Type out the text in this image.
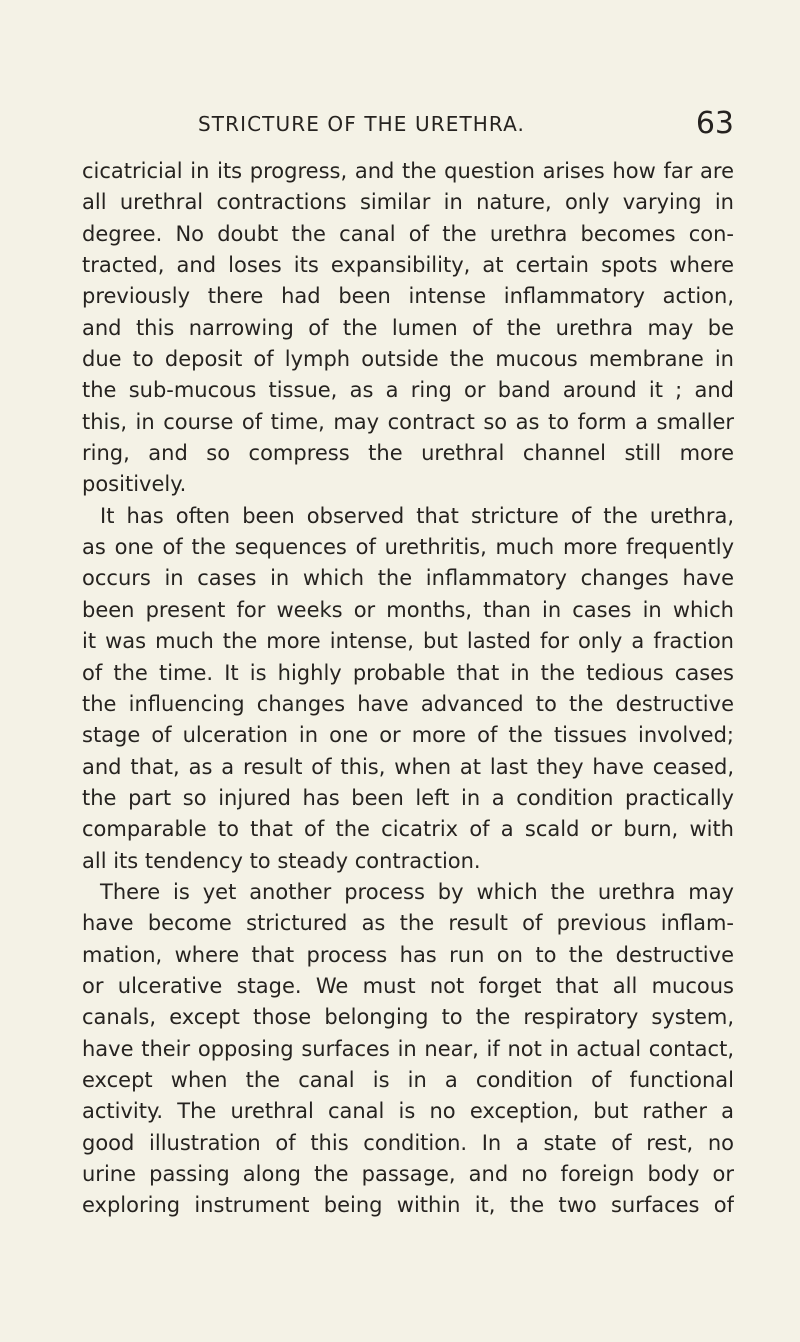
STRICTURE OF THE URETHRA.	63
cicatricial in its progress, and the question arises how far are
all urethral contractions similar in nature, only varying in
degree. No doubt the canal of the urethra becomes con-
tracted, and loses its expansibility, at certain spots where
previously there had been intense inflammatory action,
and this narrowing of the lumen of the urethra may be
due to deposit of lymph outside the mucous membrane in
the sub-mucous tissue, as a ring or band around it ; and
this, in course of time, may contract so as to form a smaller
ring, and so compress the urethral channel still more
positively.
It has often been observed that stricture of the urethra,
as one of the sequences of urethritis, much more frequently
occurs in cases in which the inflammatory changes have
been present for weeks or months, than in cases in which
it was much the more intense, but lasted for only a fraction
of the time. It is highly probable that in the tedious cases
the influencing changes have advanced to the destructive
stage of ulceration in one or more of the tissues involved;
and that, as a result of this, when at last they have ceased,
the part so injured has been left in a condition practically
comparable to that of the cicatrix of a scald or burn, with
all its tendency to steady contraction.
There is yet another process by which the urethra may
have become strictured as the result of previous inflam-
mation, where that process has run on to the destructive
or ulcerative stage. We must not forget that all mucous
canals, except those belonging to the respiratory system,
have their opposing surfaces in near, if not in actual contact,
except when the canal is in a condition of functional
activity. The urethral canal is no exception, but rather a
good illustration of this condition. In a state of rest, no
urine passing along the passage, and no foreign body or
exploring instrument being within it, the two surfaces of
